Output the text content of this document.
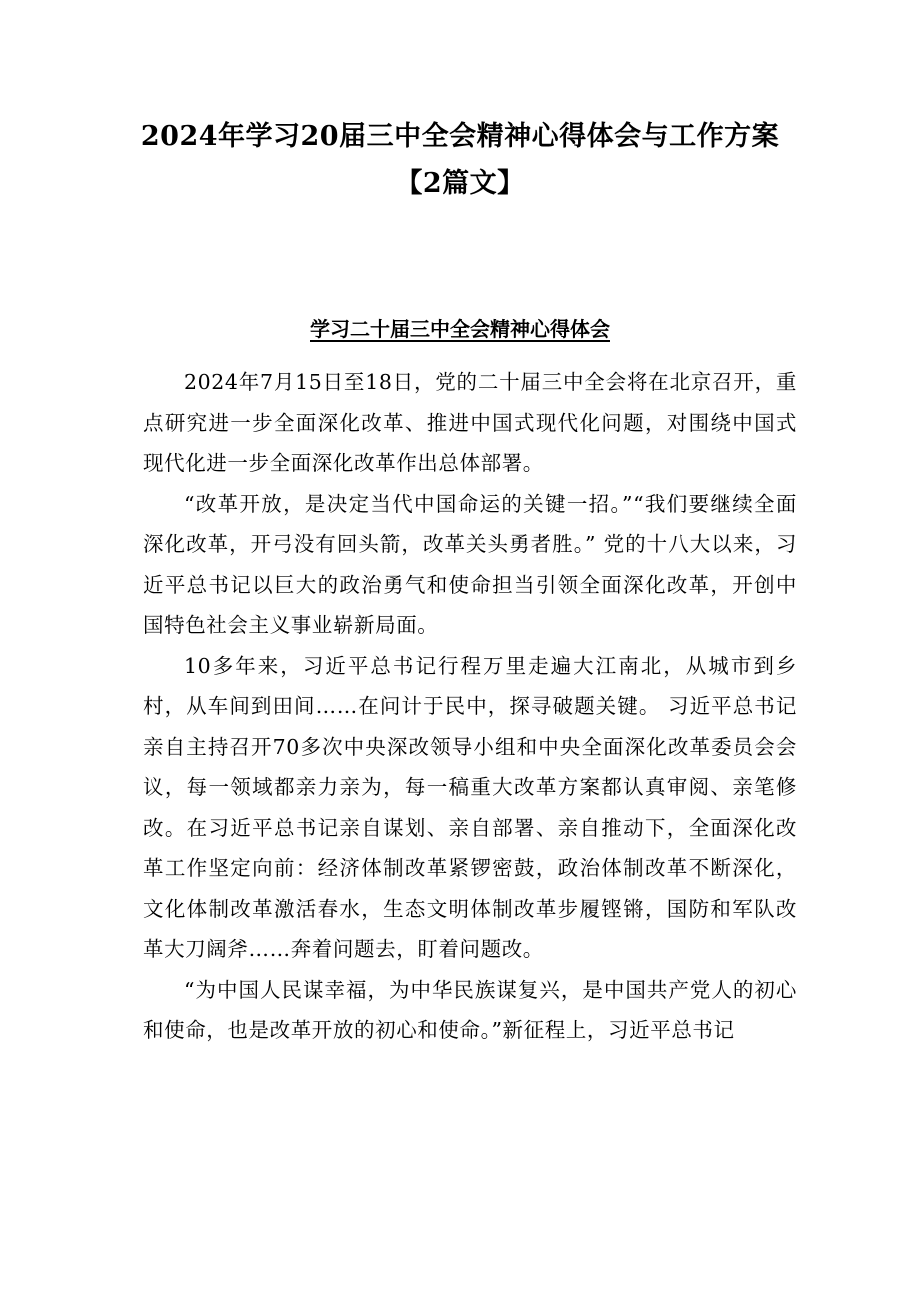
2024年学习20届三中全会精神心得体会与工作方案
【2篇文】
学习二十届三中全会精神心得体会

2024年7月15日至18日，党的二十届三中全会将在北京召开，重点研究进一步全面深化改革、推进中国式现代化问题，对围绕中国式现代化进一步全面深化改革作出总体部署。

“改革开放，是决定当代中国命运的关键一招。”“我们要继续全面深化改革，开弓没有回头箭，改革关头勇者胜。” 党的十八大以来，习近平总书记以巨大的政治勇气和使命担当引领全面深化改革，开创中国特色社会主义事业崭新局面。

10多年来，习近平总书记行程万里走遍大江南北，从城市到乡村，从车间到田间……在问计于民中，探寻破题关键。 习近平总书记亲自主持召开70多次中央深改领导小组和中央全面深化改革委员会会议，每一领域都亲力亲为，每一稿重大改革方案都认真审阅、亲笔修改。在习近平总书记亲自谋划、亲自部署、亲自推动下，全面深化改革工作坚定向前：经济体制改革紧锣密鼓，政治体制改革不断深化，文化体制改革激活春水，生态文明体制改革步履铿锵，国防和军队改革大刀阔斧……奔着问题去，盯着问题改。

“为中国人民谋幸福，为中华民族谋复兴，是中国共产党人的初心和使命，也是改革开放的初心和使命。”新征程上，习近平总书记
